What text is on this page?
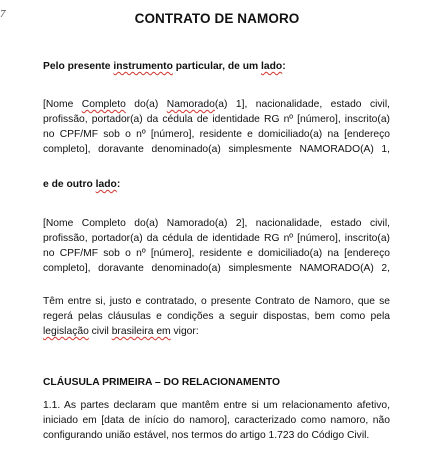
7	CONTRATO DE NAMORO
Pelo presente instrumento particular, de um lado:
[Nome Completo do(a) Namorado(a) 1], nacionalidade, estado civil, profissão, portador(a) da cédula de identidade RG nº [número], inscrito(a) no CPF/MF sob o nº [número], residente e domiciliado(a) na [endereço completo], doravante denominado(a) simplesmente NAMORADO(A) 1,
e de outro lado:
[Nome Completo do(a) Namorado(a) 2], nacionalidade, estado civil, profissão, portador(a) da cédula de identidade RG nº [número], inscrito(a) no CPF/MF sob o nº [número], residente e domiciliado(a) na [endereço completo], doravante denominado(a) simplesmente NAMORADO(A) 2,
Têm entre si, justo e contratado, o presente Contrato de Namoro, que se regerá pelas cláusulas e condições a seguir dispostas, bem como pela legislação civil brasileira em vigor:
CLÁUSULA PRIMEIRA – DO RELACIONAMENTO
1.1. As partes declaram que mantêm entre si um relacionamento afetivo, iniciado em [data de início do namoro], caracterizado como namoro, não configurando união estável, nos termos do artigo 1.723 do Código Civil.
